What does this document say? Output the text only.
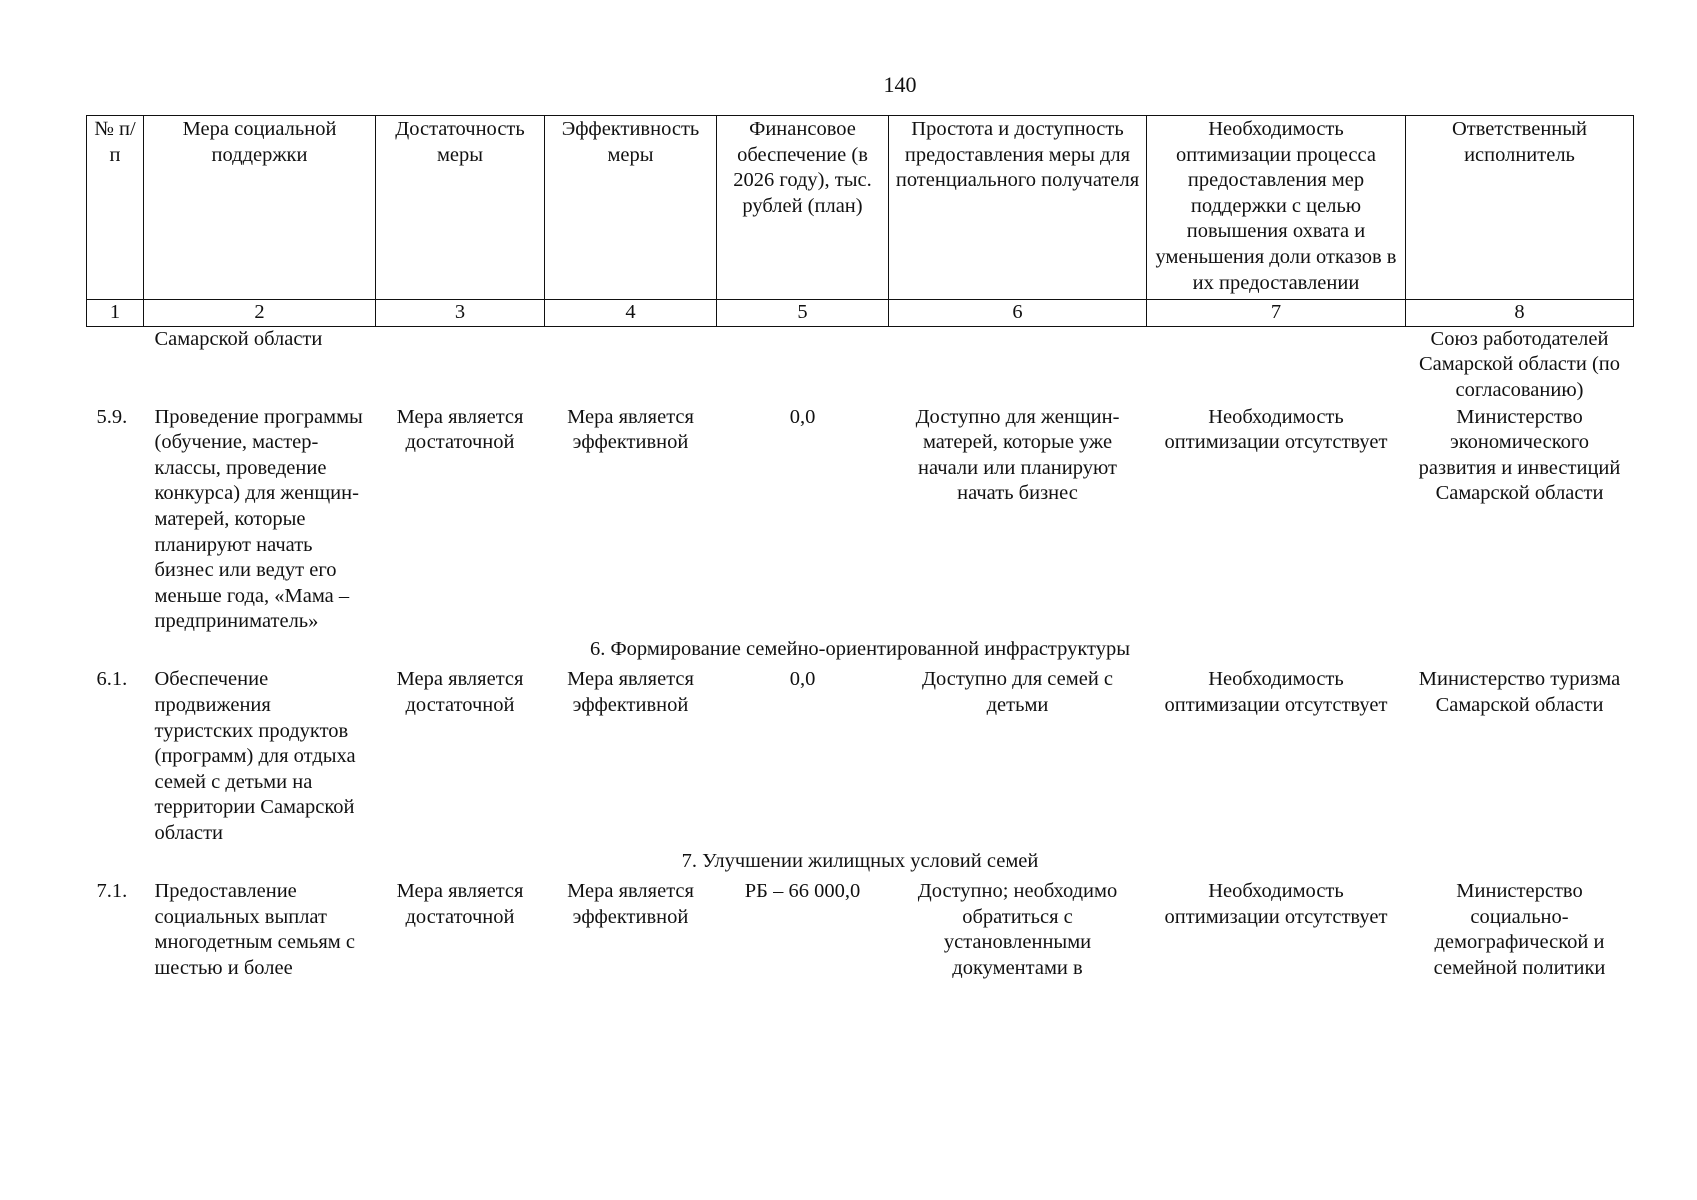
140
№ п/п	Мера социальной поддержки	Достаточность меры	Эффективность меры	Финансовое обеспечение (в 2026 году), тыс. рублей (план)	Простота и доступность предоставления меры для потенциального получателя	Необходимость оптимизации процесса предоставления мер поддержки с целью повышения охвата и уменьшения доли отказов в их предоставлении	Ответственный исполнитель
1	2	3	4	5	6	7	8
	Самарской области						Союз работодателей Самарской области (по согласованию)
5.9.	Проведение программы (обучение, мастер-классы, проведение конкурса) для женщин-матерей, которые планируют начать бизнес или ведут его меньше года, «Мама – предприниматель»	Мера является достаточной	Мера является эффективной	0,0	Доступно для женщин-матерей, которые уже начали или планируют начать бизнес	Необходимость оптимизации отсутствует	Министерство экономического развития и инвестиций Самарской области
6. Формирование семейно-ориентированной инфраструктуры							
6.1.	Обеспечение продвижения туристских продуктов (программ) для отдыха семей с детьми на территории Самарской области	Мера является достаточной	Мера является эффективной	0,0	Доступно для семей с детьми	Необходимость оптимизации отсутствует	Министерство туризма Самарской области
7. Улучшении жилищных условий семей							
7.1.	Предоставление социальных выплат многодетным семьям с шестью и более	Мера является достаточной	Мера является эффективной	РБ – 66 000,0	Доступно; необходимо обратиться с установленными документами в	Необходимость оптимизации отсутствует	Министерство социально-демографической и семейной политики
